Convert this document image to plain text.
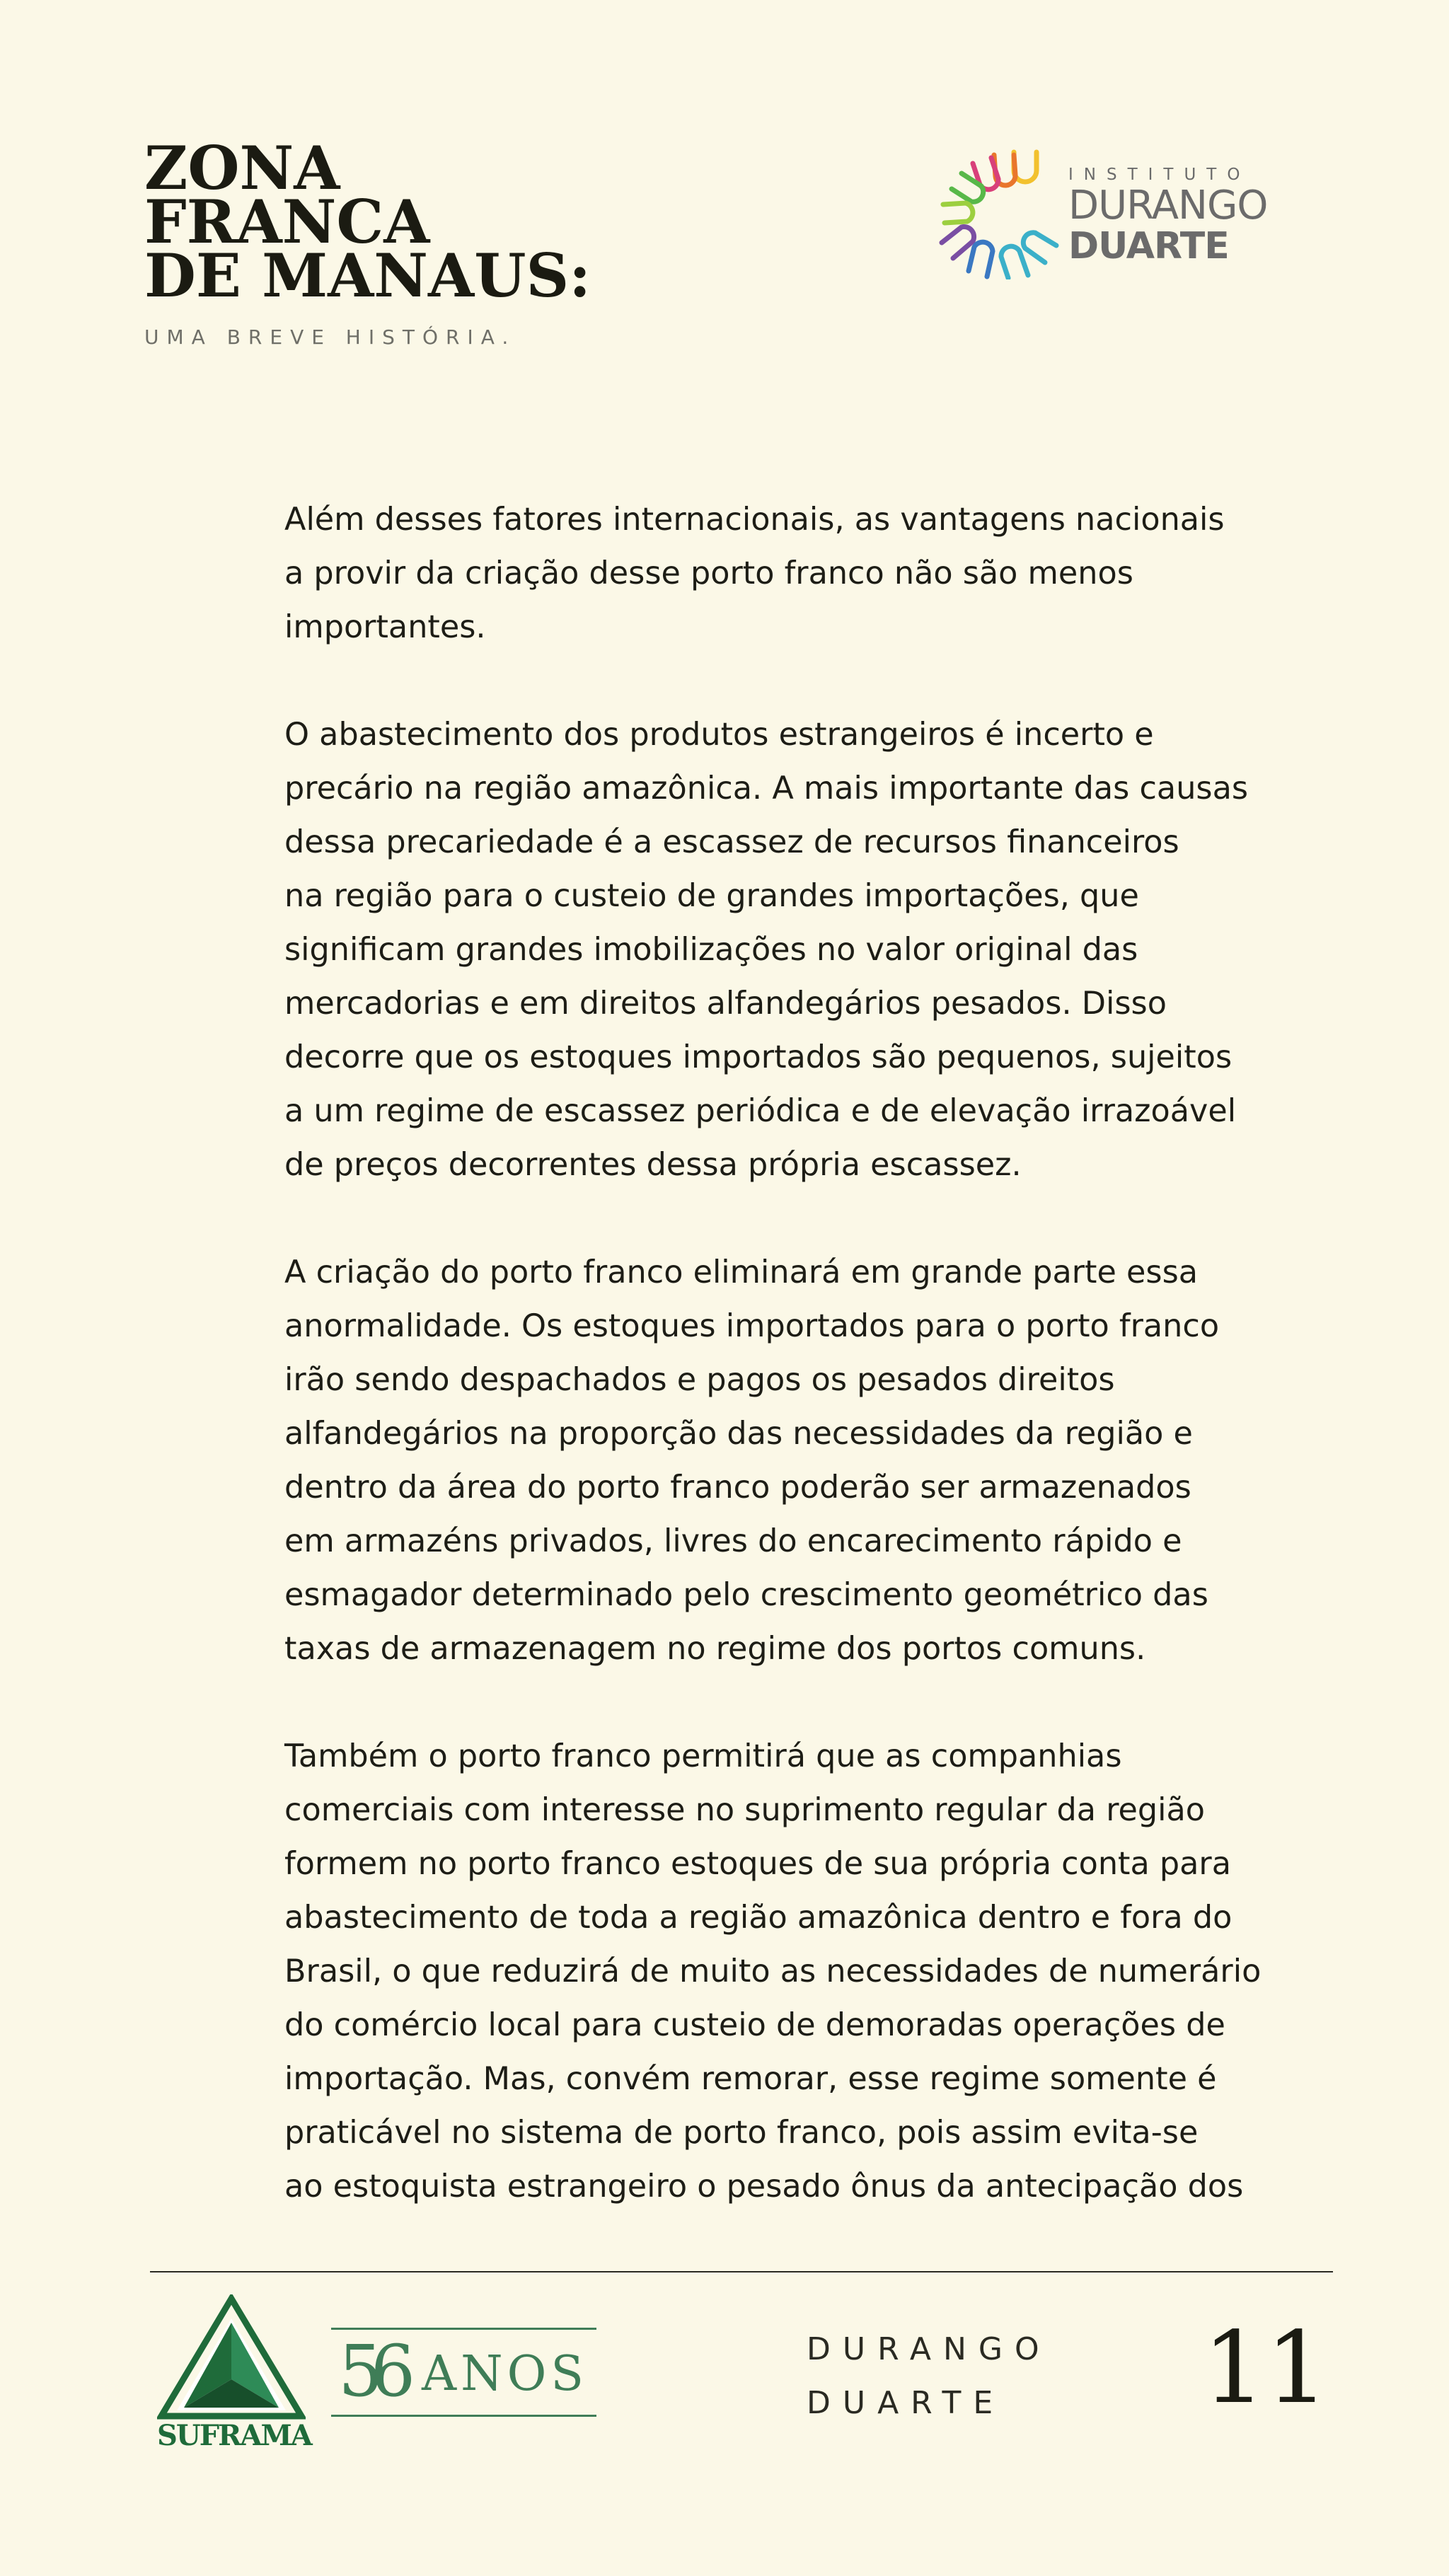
ZONA
FRANCA
DE MANAUS:
UMA BREVE HISTÓRIA.
INSTITUTO
DURANGO
DUARTE

Além desses fatores internacionais, as vantagens nacionais
a provir da criação desse porto franco não são menos
importantes.

O abastecimento dos produtos estrangeiros é incerto e
precário na região amazônica. A mais importante das causas
dessa precariedade é a escassez de recursos financeiros
na região para o custeio de grandes importações, que
significam grandes imobilizações no valor original das
mercadorias e em direitos alfandegários pesados. Disso
decorre que os estoques importados são pequenos, sujeitos
a um regime de escassez periódica e de elevação irrazoável
de preços decorrentes dessa própria escassez.

A criação do porto franco eliminará em grande parte essa
anormalidade. Os estoques importados para o porto franco
irão sendo despachados e pagos os pesados direitos
alfandegários na proporção das necessidades da região e
dentro da área do porto franco poderão ser armazenados
em armazéns privados, livres do encarecimento rápido e
esmagador determinado pelo crescimento geométrico das
taxas de armazenagem no regime dos portos comuns.

Também o porto franco permitirá que as companhias
comerciais com interesse no suprimento regular da região
formem no porto franco estoques de sua própria conta para
abastecimento de toda a região amazônica dentro e fora do
Brasil, o que reduzirá de muito as necessidades de numerário
do comércio local para custeio de demoradas operações de
importação. Mas, convém remorar, esse regime somente é
praticável no sistema de porto franco, pois assim evita-se
ao estoquista estrangeiro o pesado ônus da antecipação dos

SUFRAMA
56 ANOS	DURANGO
DUARTE	11
